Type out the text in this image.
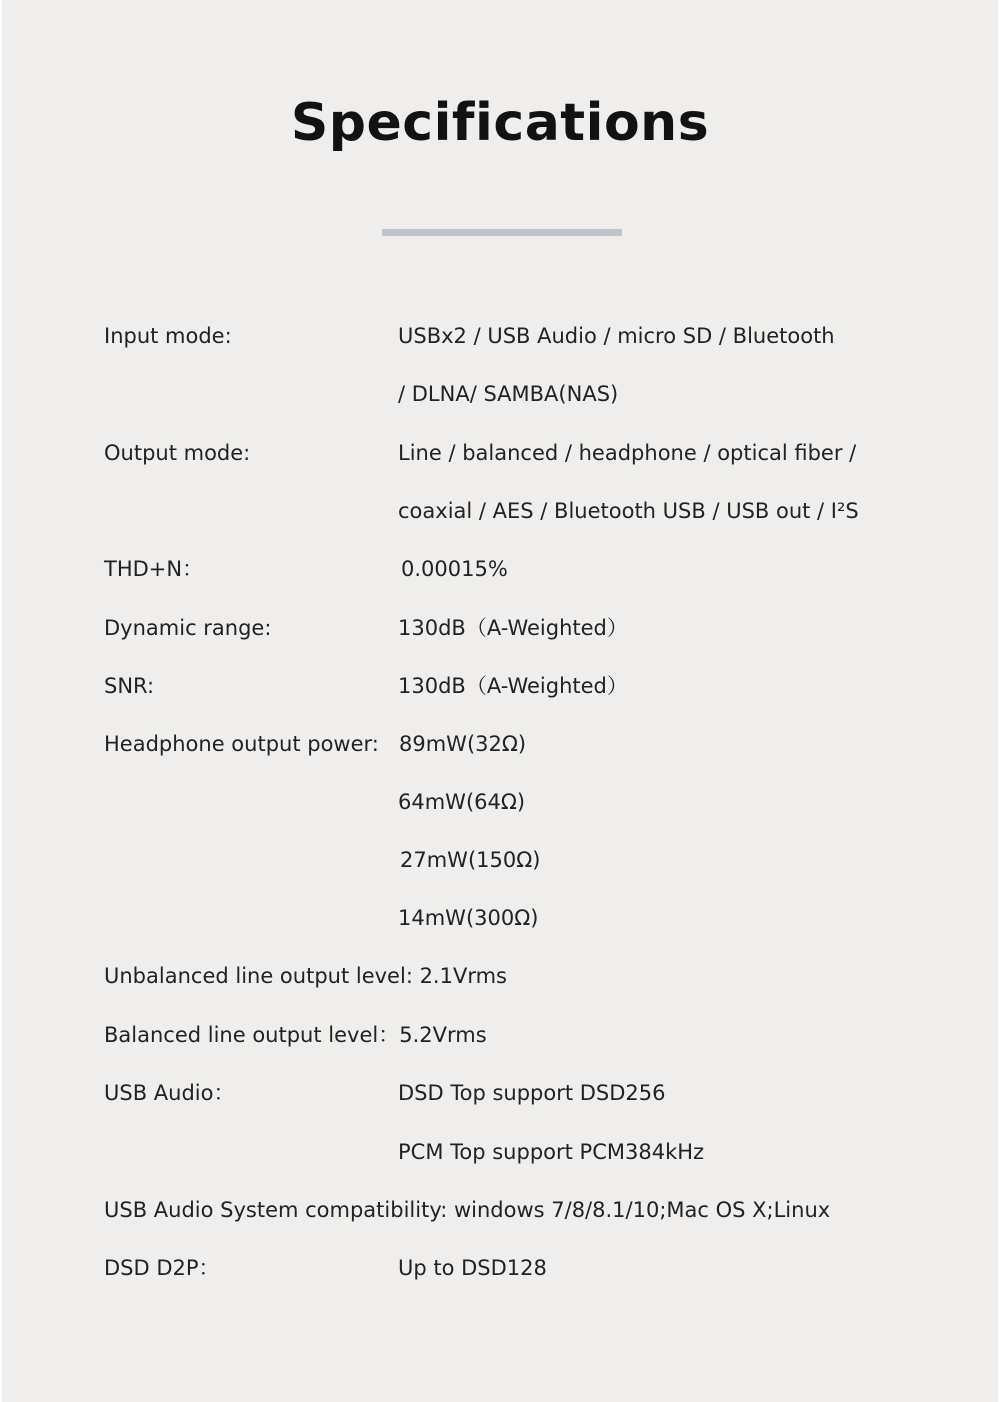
Specifications
Input mode:	USBx2 / USB Audio / micro SD / Bluetooth
/ DLNA/ SAMBA(NAS)
Output mode:	Line / balanced / headphone / optical fiber /
coaxial / AES / Bluetooth USB / USB out / I²S
THD+N：	0.00015%
Dynamic range:	130dB（A-Weighted）
SNR:	130dB（A-Weighted）
Headphone output power: 89mW(32Ω)
64mW(64Ω)
27mW(150Ω)
14mW(300Ω)
Unbalanced line output level: 2.1Vrms
Balanced line output level：5.2Vrms
USB Audio：	DSD Top support DSD256
PCM Top support PCM384kHz
USB Audio System compatibility: windows 7/8/8.1/10;Mac OS X;Linux
DSD D2P：	Up to DSD128
